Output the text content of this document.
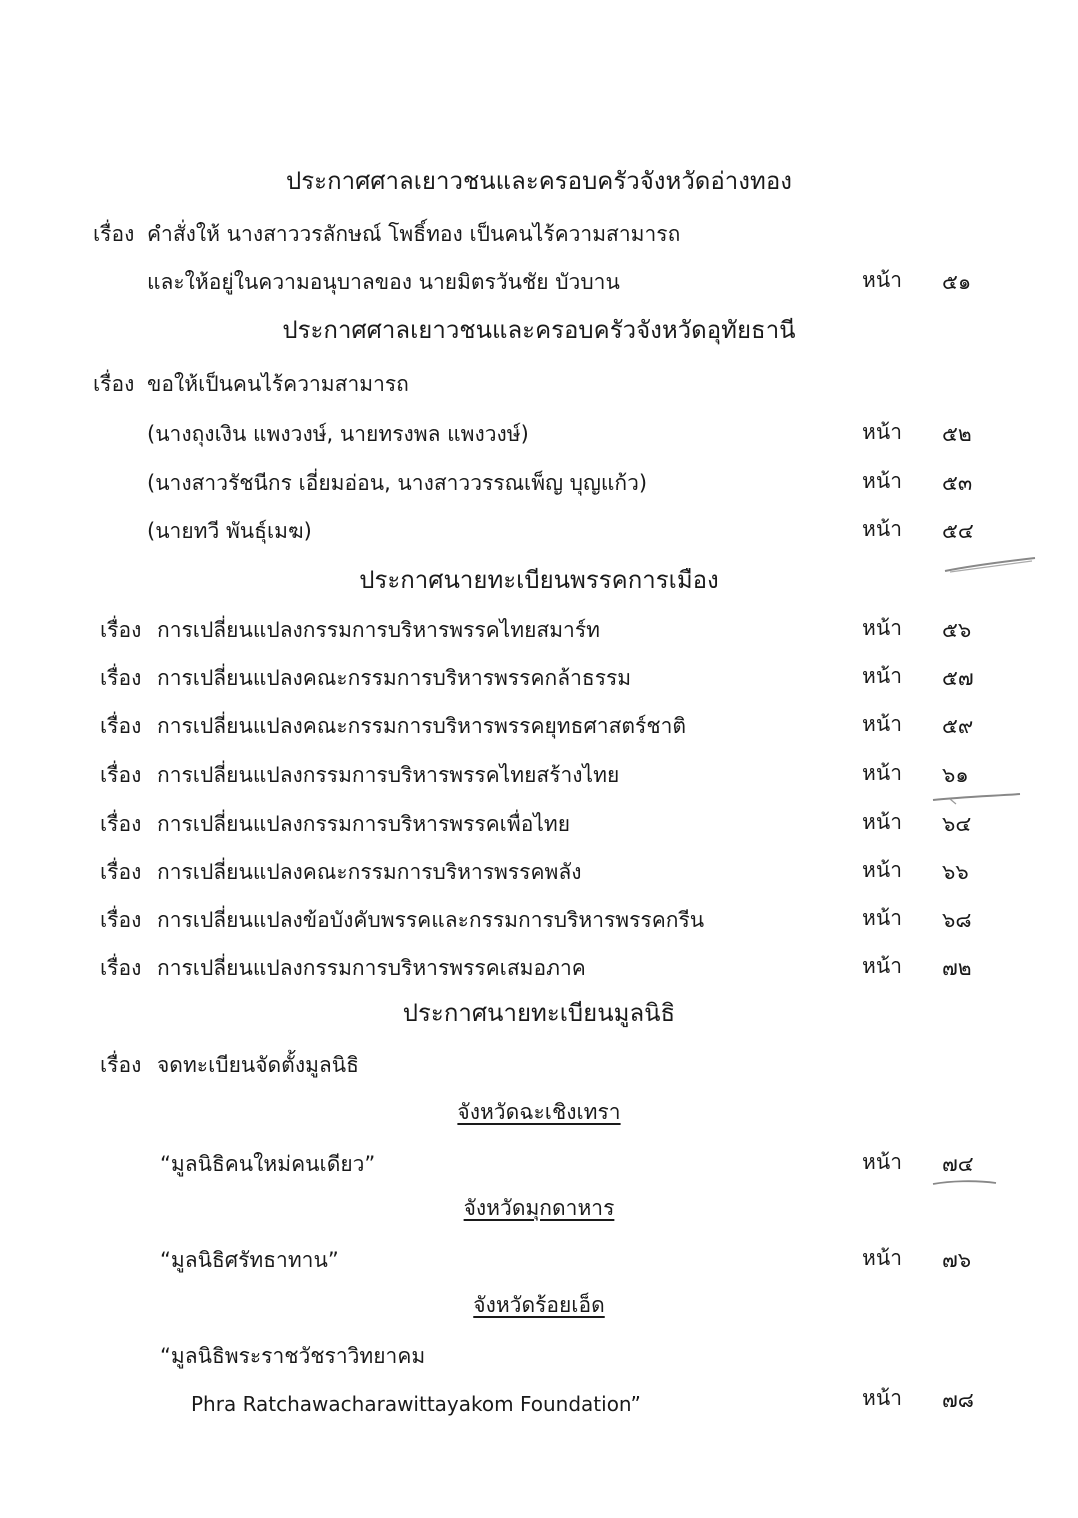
ประกาศศาลเยาวชนและครอบครัวจังหวัดอ่างทอง
เรื่อง คำสั่งให้ นางสาววรลักษณ์ โพธิ์ทอง เป็นคนไร้ความสามารถ
และให้อยู่ในความอนุบาลของ นายมิตรวันชัย บัวบาน	หน้า ๕๑
ประกาศศาลเยาวชนและครอบครัวจังหวัดอุทัยธานี
เรื่อง ขอให้เป็นคนไร้ความสามารถ
(นางถุงเงิน แพงวงษ์, นายทรงพล แพงวงษ์)	หน้า ๕๒
(นางสาวรัชนีกร เอี่ยมอ่อน, นางสาววรรณเพ็ญ บุญแก้ว)	หน้า ๕๓
(นายทวี พันธุ์เมฆ)	หน้า ๕๔
ประกาศนายทะเบียนพรรคการเมือง
เรื่อง การเปลี่ยนแปลงกรรมการบริหารพรรคไทยสมาร์ท	หน้า ๕๖
เรื่อง การเปลี่ยนแปลงคณะกรรมการบริหารพรรคกล้าธรรม	หน้า ๕๗
เรื่อง การเปลี่ยนแปลงคณะกรรมการบริหารพรรคยุทธศาสตร์ชาติ	หน้า ๕๙
เรื่อง การเปลี่ยนแปลงกรรมการบริหารพรรคไทยสร้างไทย	หน้า ๖๑
เรื่อง การเปลี่ยนแปลงกรรมการบริหารพรรคเพื่อไทย	หน้า ๖๔
เรื่อง การเปลี่ยนแปลงคณะกรรมการบริหารพรรคพลัง	หน้า ๖๖
เรื่อง การเปลี่ยนแปลงข้อบังคับพรรคและกรรมการบริหารพรรคกรีน	หน้า ๖๘
เรื่อง การเปลี่ยนแปลงกรรมการบริหารพรรคเสมอภาค	หน้า ๗๒
ประกาศนายทะเบียนมูลนิธิ
เรื่อง จดทะเบียนจัดตั้งมูลนิธิ
จังหวัดฉะเชิงเทรา
“มูลนิธิคนใหม่คนเดียว”	หน้า ๗๔
จังหวัดมุกดาหาร
“มูลนิธิศรัทธาทาน”	หน้า ๗๖
จังหวัดร้อยเอ็ด
“มูลนิธิพระราชวัชราวิทยาคม
Phra Ratchawacharawittayakom Foundation”	หน้า ๗๘
